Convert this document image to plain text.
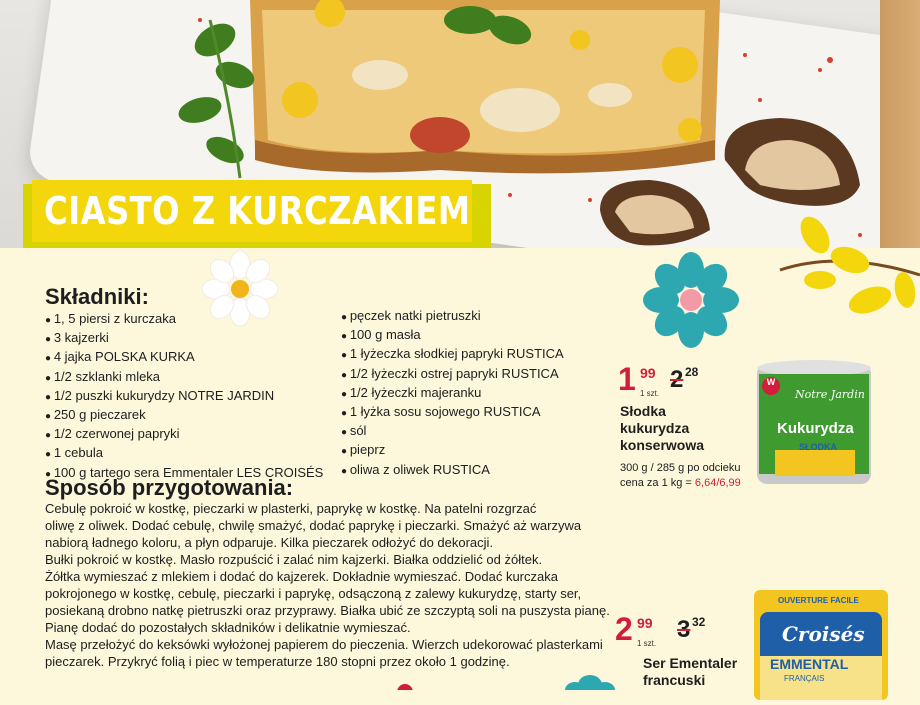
CIASTO Z KURCZAKIEM
Składniki:
● 1, 5 piersi z kurczaka
● 3 kajzerki
● 4 jajka POLSKA KURKA
● 1/2 szklanki mleka
● 1/2 puszki kukurydzy NOTRE JARDIN
● 250 g pieczarek
● 1/2 czerwonej papryki
● 1 cebula
● 100 g tartego sera Emmentaler LES CROISÉS
● pęczek natki pietruszki
● 100 g masła
● 1 łyżeczka słodkiej papryki RUSTICA
● 1/2 łyżeczki ostrej papryki RUSTICA
● 1/2 łyżeczki majeranku
● 1 łyżka sosu sojowego RUSTICA
● sól
● pieprz
● oliwa z oliwek RUSTICA
Sposób przygotowania:

Cebulę pokroić w kostkę, pieczarki w plasterki, paprykę w kostkę. Na patelni rozgrzać

oliwę z oliwek. Dodać cebulę, chwilę smażyć, dodać paprykę i pieczarki. Smażyć aż warzywa

nabiorą ładnego koloru, a płyn odparuje. Kilka pieczarek odłożyć do dekoracji.

Bułki pokroić w kostkę. Masło rozpuścić i zalać nim kajzerki. Białka oddzielić od żółtek.

Żółtka wymieszać z mlekiem i dodać do kajzerek. Dokładnie wymieszać. Dodać kurczaka

pokrojonego w kostkę, cebulę, pieczarki i paprykę, odsączoną z zalewy kukurydzę, starty ser,

posiekaną drobno natkę pietruszki oraz przyprawy. Białka ubić ze szczyptą soli na puszysta pianę.

Pianę dodać do pozostałych składników i delikatnie wymieszać.

Masę przełożyć do keksówki wyłożonej papierem do pieczenia. Wierzch udekorować plasterkami

pieczarek. Przykryć folią i piec w temperaturze 180 stopni przez około 1 godzinę.

1 99
1 szt.
2 28
Słodka
kukurydza
konserwowa
300 g / 285 g po odcieku
cena za 1 kg = 6,64/6,99
W
Notre Jardin
Kukurydza
SŁODKA
2 99
1 szt.
3 32
Ser Ementaler
francuski
OUVERTURE FACILE
Croisés
EMMENTAL
FRANÇAIS
